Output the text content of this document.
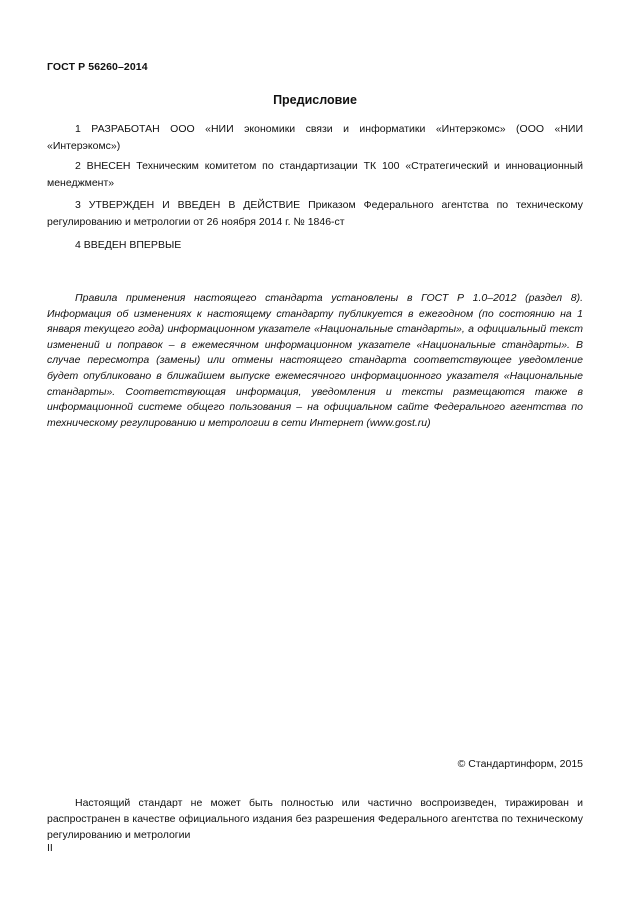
ГОСТ Р 56260–2014
Предисловие

1 РАЗРАБОТАН ООО «НИИ экономики связи и информатики «Интерэкомс» (ООО «НИИ «Интерэкомс»)

2 ВНЕСЕН Техническим комитетом по стандартизации ТК 100 «Стратегический и инновационный менеджмент»

3 УТВЕРЖДЕН И ВВЕДЕН В ДЕЙСТВИЕ Приказом Федерального агентства по техническому регулированию и метрологии от 26 ноября 2014 г. № 1846-ст

4 ВВЕДЕН ВПЕРВЫЕ

Правила применения настоящего стандарта установлены в ГОСТ Р 1.0–2012 (раздел 8). Информация об изменениях к настоящему стандарту публикуется в ежегодном (по состоянию на 1 января текущего года) информационном указателе «Национальные стандарты», а официальный текст изменений и поправок – в ежемесячном информационном указателе «Национальные стандарты». В случае пересмотра (замены) или отмены настоящего стандарта соответствующее уведомление будет опубликовано в ближайшем выпуске ежемесячного информационного указателя «Национальные стандарты». Соответствующая информация, уведомления и тексты размещаются также в информационной системе общего пользования – на официальном сайте Федерального агентства по техническому регулированию и метрологии в сети Интернет (www.gost.ru)

© Стандартинформ, 2015

Настоящий стандарт не может быть полностью или частично воспроизведен, тиражирован и распространен в качестве официального издания без разрешения Федерального агентства по техническому регулированию и метрологии

II
